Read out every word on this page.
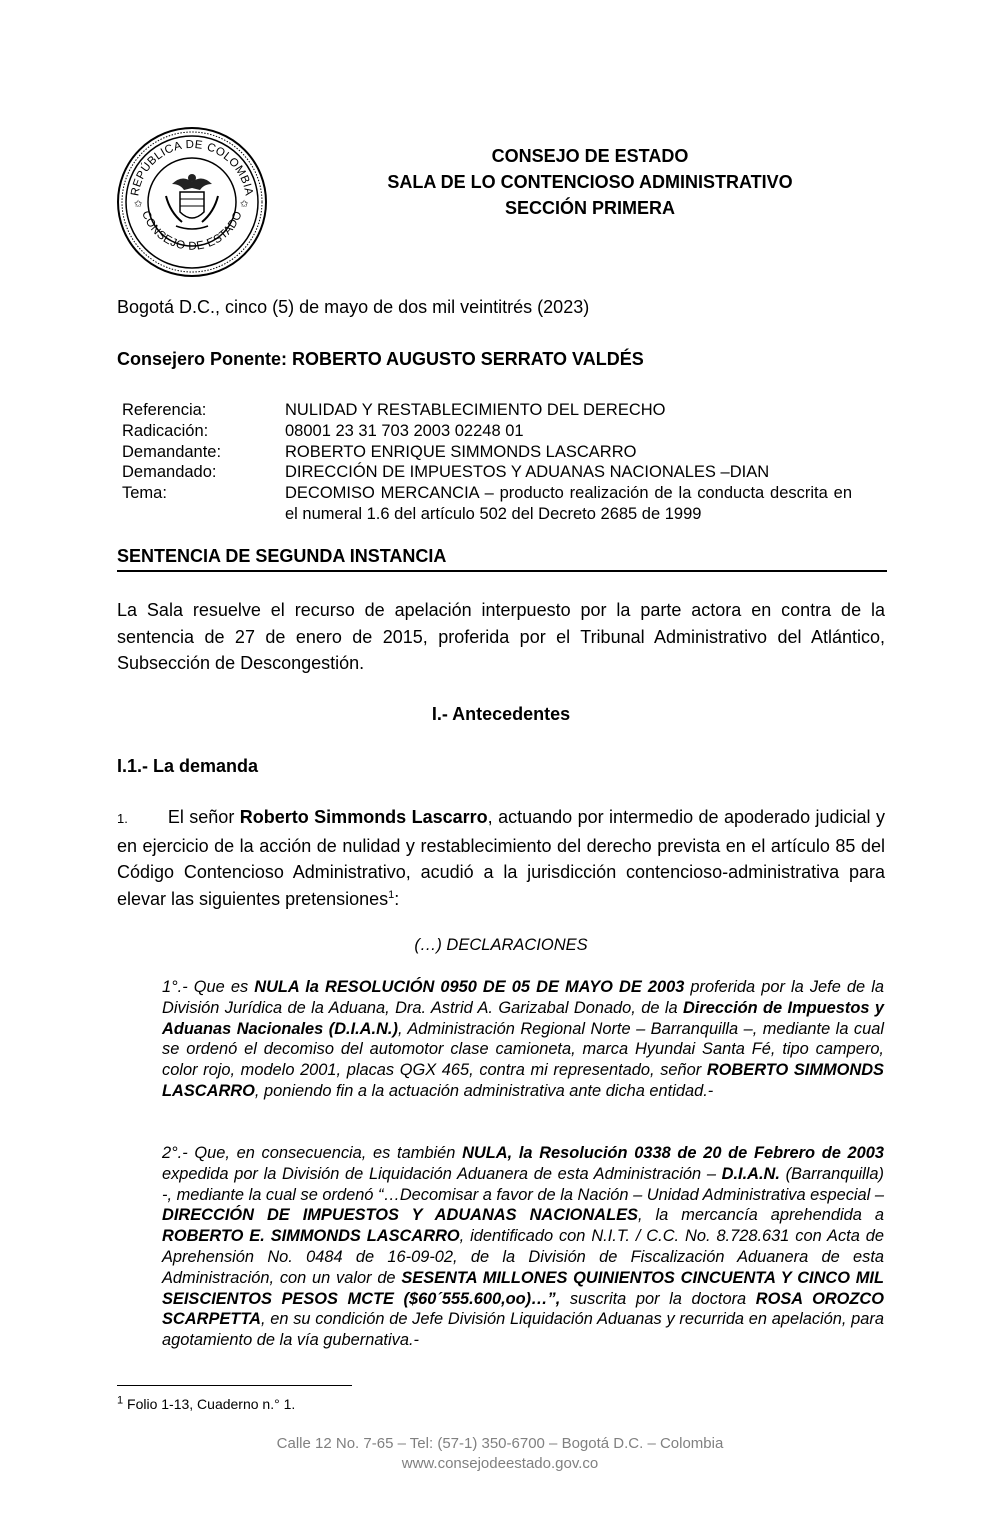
REPÚBLICA DE COLOMBIA
CONSEJO DE ESTADO
✩	✩
CONSEJO DE ESTADO
SALA DE LO CONTENCIOSO ADMINISTRATIVO
SECCIÓN PRIMERA
Bogotá D.C., cinco (5) de mayo de dos mil veintitrés (2023)
Consejero Ponente: ROBERTO AUGUSTO SERRATO VALDÉS
Referencia:	NULIDAD Y RESTABLECIMIENTO DEL DERECHO
Radicación:	08001 23 31 703 2003 02248 01
Demandante:	ROBERTO ENRIQUE SIMMONDS LASCARRO
Demandado:	DIRECCIÓN DE IMPUESTOS Y ADUANAS NACIONALES –DIAN
Tema:	DECOMISO MERCANCIA – producto realización de la conducta descrita en el numeral 1.6 del artículo 502 del Decreto 2685 de 1999
SENTENCIA DE SEGUNDA INSTANCIA
La Sala resuelve el recurso de apelación interpuesto por la parte actora en contra de la sentencia de 27 de enero de 2015, proferida por el Tribunal Administrativo del Atlántico, Subsección de Descongestión.
I.- Antecedentes
I.1.- La demanda
1. El señor Roberto Simmonds Lascarro, actuando por intermedio de apoderado judicial y en ejercicio de la acción de nulidad y restablecimiento del derecho prevista en el artículo 85 del Código Contencioso Administrativo, acudió a la jurisdicción contencioso-administrativa para elevar las siguientes pretensiones$^1$:
(…) DECLARACIONES
1°.- Que es NULA la RESOLUCIÓN 0950 DE 05 DE MAYO DE 2003 proferida por la Jefe de la División Jurídica de la Aduana, Dra. Astrid A. Garizabal Donado, de la Dirección de Impuestos y Aduanas Nacionales (D.I.A.N.), Administración Regional Norte – Barranquilla –, mediante la cual se ordenó el decomiso del automotor clase camioneta, marca Hyundai Santa Fé, tipo campero, color rojo, modelo 2001, placas QGX 465, contra mi representado, señor ROBERTO SIMMONDS LASCARRO, poniendo fin a la actuación administrativa ante dicha entidad.-
2°.- Que, en consecuencia, es también NULA, la Resolución 0338 de 20 de Febrero de 2003 expedida por la División de Liquidación Aduanera de esta Administración – D.I.A.N. (Barranquilla) -, mediante la cual se ordenó “…Decomisar a favor de la Nación – Unidad Administrativa especial – DIRECCIÓN DE IMPUESTOS Y ADUANAS NACIONALES, la mercancía aprehendida a ROBERTO E. SIMMONDS LASCARRO, identificado con N.I.T. / C.C. No. 8.728.631 con Acta de Aprehensión No. 0484 de 16-09-02, de la División de Fiscalización Aduanera de esta Administración, con un valor de SESENTA MILLONES QUINIENTOS CINCUENTA Y CINCO MIL SEISCIENTOS PESOS MCTE ($60´555.600,oo)…”, suscrita por la doctora ROSA OROZCO SCARPETTA, en su condición de Jefe División Liquidación Aduanas y recurrida en apelación, para agotamiento de la vía gubernativa.-
$^1$ Folio 1-13, Cuaderno n.° 1.
Calle 12 No. 7-65 – Tel: (57-1) 350-6700 – Bogotá D.C. – Colombia
www.consejodeestado.gov.co
